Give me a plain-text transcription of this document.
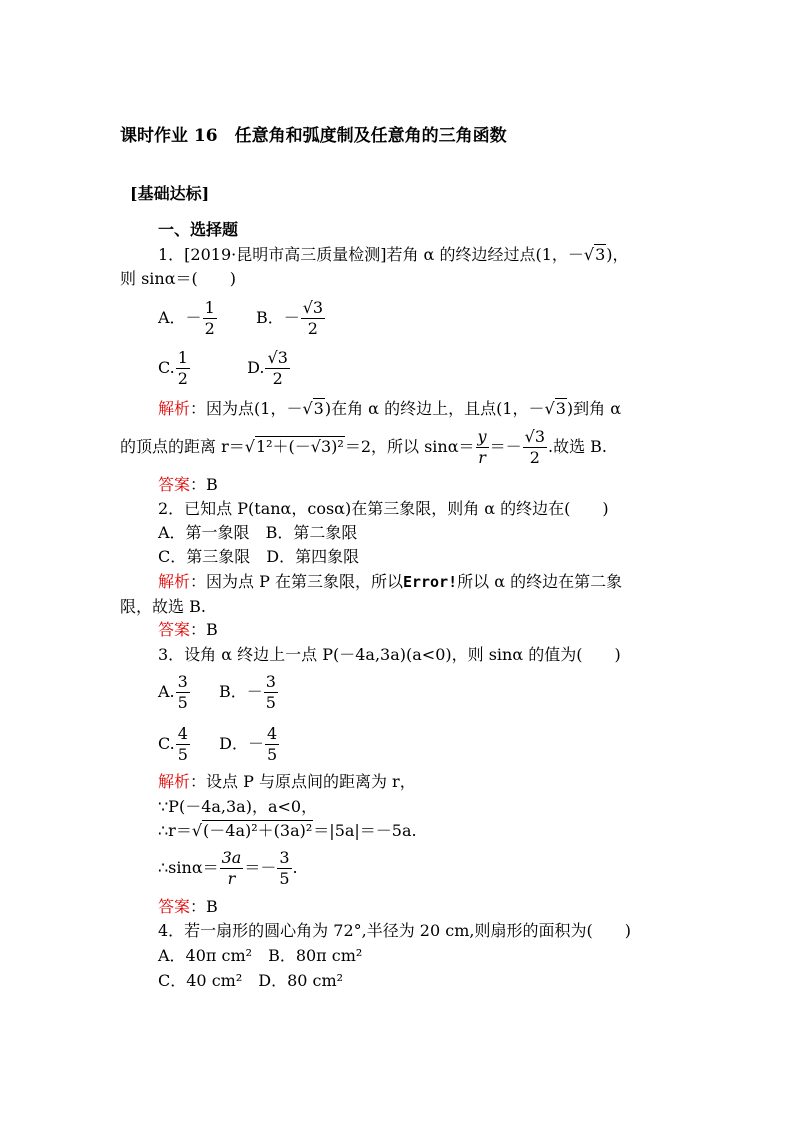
课时作业 16　任意角和弧度制及任意角的三角函数
[基础达标]
一、选择题
1．[2019·昆明市高三质量检测]若角 α 的终边经过点(1，－√3)，
则 sinα＝(　　)
A．－ $\frac{1}{2}$ B．－ $\frac{√3}{2}$
C. $\frac{1}{2}$	D. $\frac{√3}{2}$
解析：因为点(1，－√3)在角 α 的终边上，且点(1，－√3)到角 α
的顶点的距离 r＝√1²＋(－√3)²＝2，所以 $\sin\alpha= \frac{y}{r} =- \frac{√3}{2}$ .故选 B.
答案：B
2．已知点 P(tanα，cosα)在第三象限，则角 α 的终边在(　　)
A．第一象限　 B．第二象限
C．第三象限　 D．第四象限
解析：因为点 P 在第三象限，所以Error!所以 α 的终边在第二象
限，故选 B.
答案：B
3．设角 α 终边上一点 P(－4a,3a)(a<0)，则 sinα 的值为(　　)
A. $\frac{3}{5}$ B．－ $\frac{3}{5}$
C. $\frac{4}{5}$ D．－ $\frac{4}{5}$
解析：设点 P 与原点间的距离为 r，
∵P(－4a,3a)，a<0，
∴r＝√(－4a)²＋(3a)²＝|5a|＝－5a.
∴sinα＝ $\frac{3a}{r} =- \frac{3}{5}$ .
答案：B
4．若一扇形的圆心角为 72°,半径为 20 cm,则扇形的面积为(　　)
A．40π cm²　B．80π cm²
C．40 cm²　D．80 cm²
